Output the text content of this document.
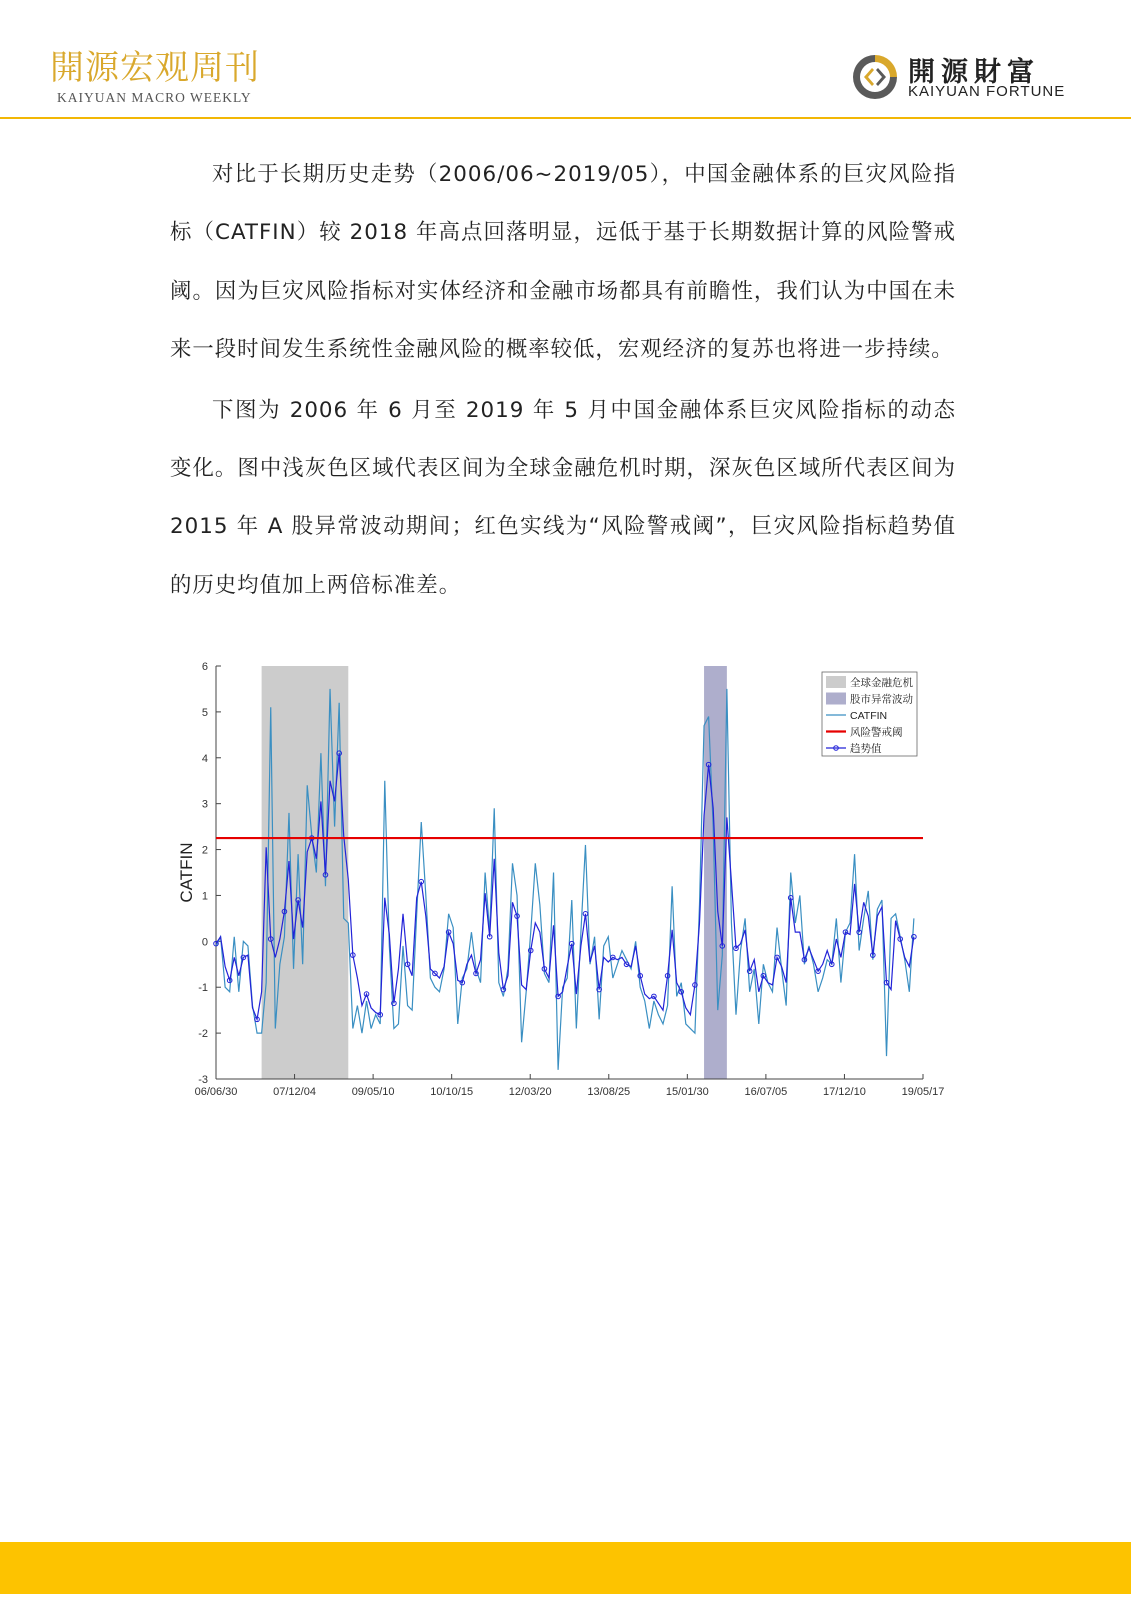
開源宏观周刊
KAIYUAN MACRO WEEKLY
開源財富
KAIYUAN FORTUNE

对比于长期历史走势（2006/06~2019/05），中国金融体系的巨灾风险指标（CATFIN）较 2018 年高点回落明显，远低于基于长期数据计算的风险警戒阈。因为巨灾风险指标对实体经济和金融市场都具有前瞻性，我们认为中国在未来一段时间发生系统性金融风险的概率较低，宏观经济的复苏也将进一步持续。

下图为 2006 年 6 月至 2019 年 5 月中国金融体系巨灾风险指标的动态变化。图中浅灰色区域代表区间为全球金融危机时期，深灰色区域所代表区间为 2015 年 A 股异常波动期间；红色实线为“风险警戒阈”，巨灾风险指标趋势值的历史均值加上两倍标准差。

-3
-2
-1
0
1
2
3
4
5
6
06/06/30	07/12/04	09/05/10	10/10/15	12/03/20	13/08/25	15/01/30	16/07/05	17/12/10	19/05/17
CATFIN
全球金融危机
股市异常波动
CATFIN
风险警戒阈
趋势值
